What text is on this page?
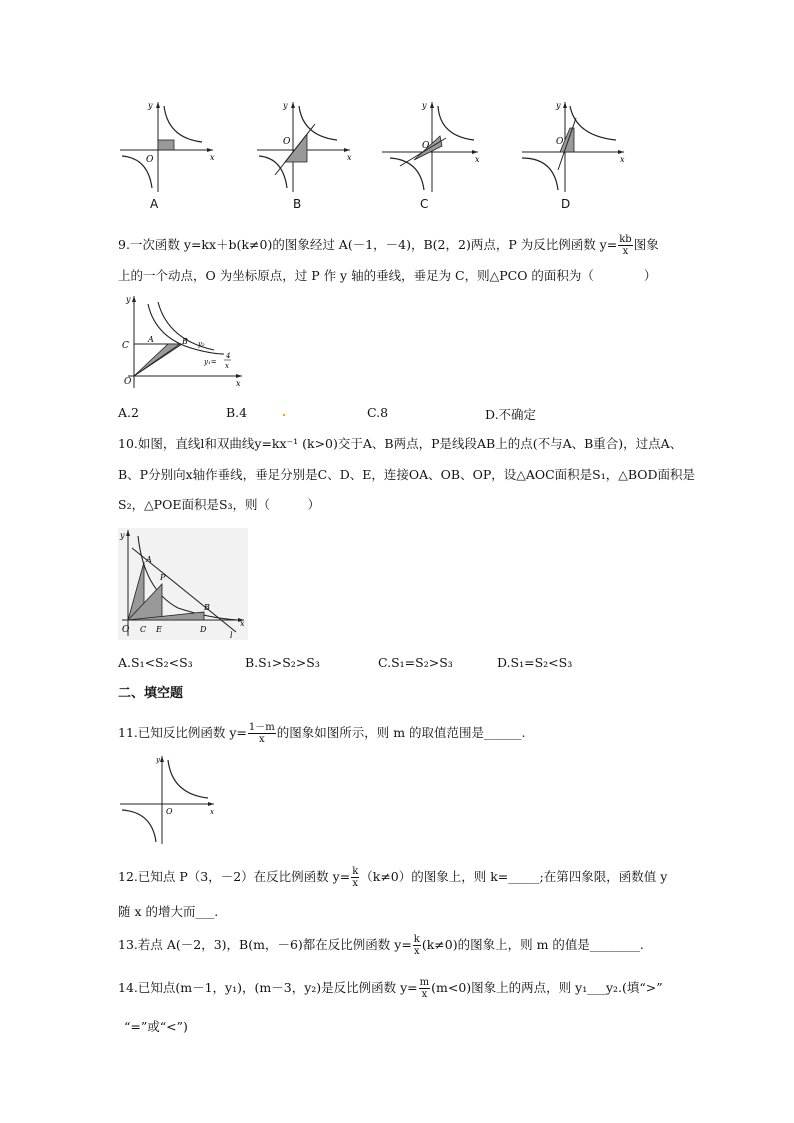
y
O	x
A
y
O
x
B
y
O
x
C
y
O
x
D
9.一次函数 y=kx＋b(k≠0)的图象经过 A(－1，－4)，B(2，2)两点，P 为反比例函数 $y= \frac{kb}{x}$ 图象
上的一个动点，O 为坐标原点，过 P 作 y 轴的垂线，垂足为 C，则△PCO 的面积为（　　　　）
y
C
O	x
A	B y₂
y₁=
4
x
A.2	B.4	C.8	D.不确定
10.如图，直线l和双曲线y=kx⁻¹ (k>0)交于A、B两点，P是线段AB上的点(不与A、B重合)，过点A、
B、P分别向x轴作垂线，垂足分别是C、D、E，连接OA、OB、OP，设△AOC面积是S₁，△BOD面积是
S₂，△POE面积是S₃，则（　　　）
y
O
A
P
B
C E	D
x
l
A.S₁<S₂<S₃	B.S₁>S₂>S₃	C.S₁=S₂>S₃	D.S₁=S₂<S₃
二、填空题
11.已知反比例函数 $y= \frac{1-m}{x}$ 的图象如图所示，则 m 的取值范围是______.
y
O	x
12.已知点 P（3，－2）在反比例函数 $y= \frac{k}{x} (k\ne 0)$的图象上，则 k=_____;在第四象限，函数值 y
随 x 的增大而___.
13.若点 A(－2，3)，B(m，－6)都在反比例函数 $y= \frac{k}{x} (k\ne 0)$的图象上，则 m 的值是________.
14.已知点(m－1，y₁)，(m－3，y₂)是反比例函数 $y= \frac{m}{x} (m<0)$图象上的两点，则 y₁___y₂.(填“>”
“=”或“<”)
